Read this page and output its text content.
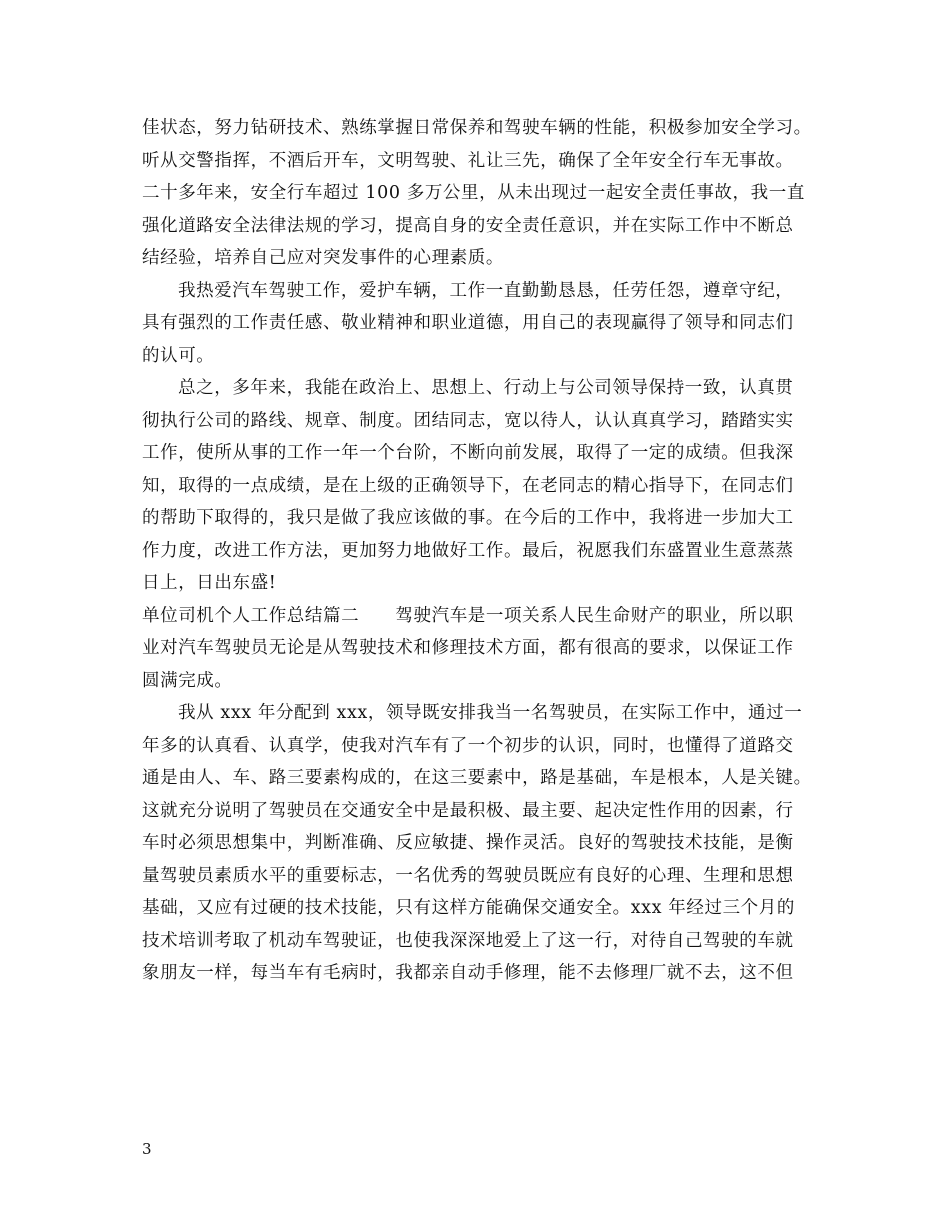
佳状态，努力钻研技术、熟练掌握日常保养和驾驶车辆的性能，积极参加安全学习。
听从交警指挥，不酒后开车，文明驾驶、礼让三先，确保了全年安全行车无事故。
二十多年来，安全行车超过 100 多万公里，从未出现过一起安全责任事故，我一直
强化道路安全法律法规的学习，提高自身的安全责任意识，并在实际工作中不断总
结经验，培养自己应对突发事件的心理素质。
我热爱汽车驾驶工作，爱护车辆，工作一直勤勤恳恳，任劳任怨，遵章守纪，
具有强烈的工作责任感、敬业精神和职业道德，用自己的表现赢得了领导和同志们
的认可。
总之，多年来，我能在政治上、思想上、行动上与公司领导保持一致，认真贯
彻执行公司的路线、规章、制度。团结同志，宽以待人，认认真真学习，踏踏实实
工作，使所从事的工作一年一个台阶，不断向前发展，取得了一定的成绩。但我深
知，取得的一点成绩，是在上级的正确领导下，在老同志的精心指导下，在同志们
的帮助下取得的，我只是做了我应该做的事。在今后的工作中，我将进一步加大工
作力度，改进工作方法，更加努力地做好工作。最后，祝愿我们东盛置业生意蒸蒸
日上，日出东盛!
单位司机个人工作总结篇二　　驾驶汽车是一项关系人民生命财产的职业，所以职
业对汽车驾驶员无论是从驾驶技术和修理技术方面，都有很高的要求，以保证工作
圆满完成。
我从 xxx 年分配到 xxx，领导既安排我当一名驾驶员，在实际工作中，通过一
年多的认真看、认真学，使我对汽车有了一个初步的认识，同时，也懂得了道路交
通是由人、车、路三要素构成的，在这三要素中，路是基础，车是根本，人是关键。
这就充分说明了驾驶员在交通安全中是最积极、最主要、起决定性作用的因素，行
车时必须思想集中，判断准确、反应敏捷、操作灵活。良好的驾驶技术技能，是衡
量驾驶员素质水平的重要标志，一名优秀的驾驶员既应有良好的心理、生理和思想
基础，又应有过硬的技术技能，只有这样方能确保交通安全。xxx 年经过三个月的
技术培训考取了机动车驾驶证，也使我深深地爱上了这一行，对待自己驾驶的车就
象朋友一样，每当车有毛病时，我都亲自动手修理，能不去修理厂就不去，这不但
3
